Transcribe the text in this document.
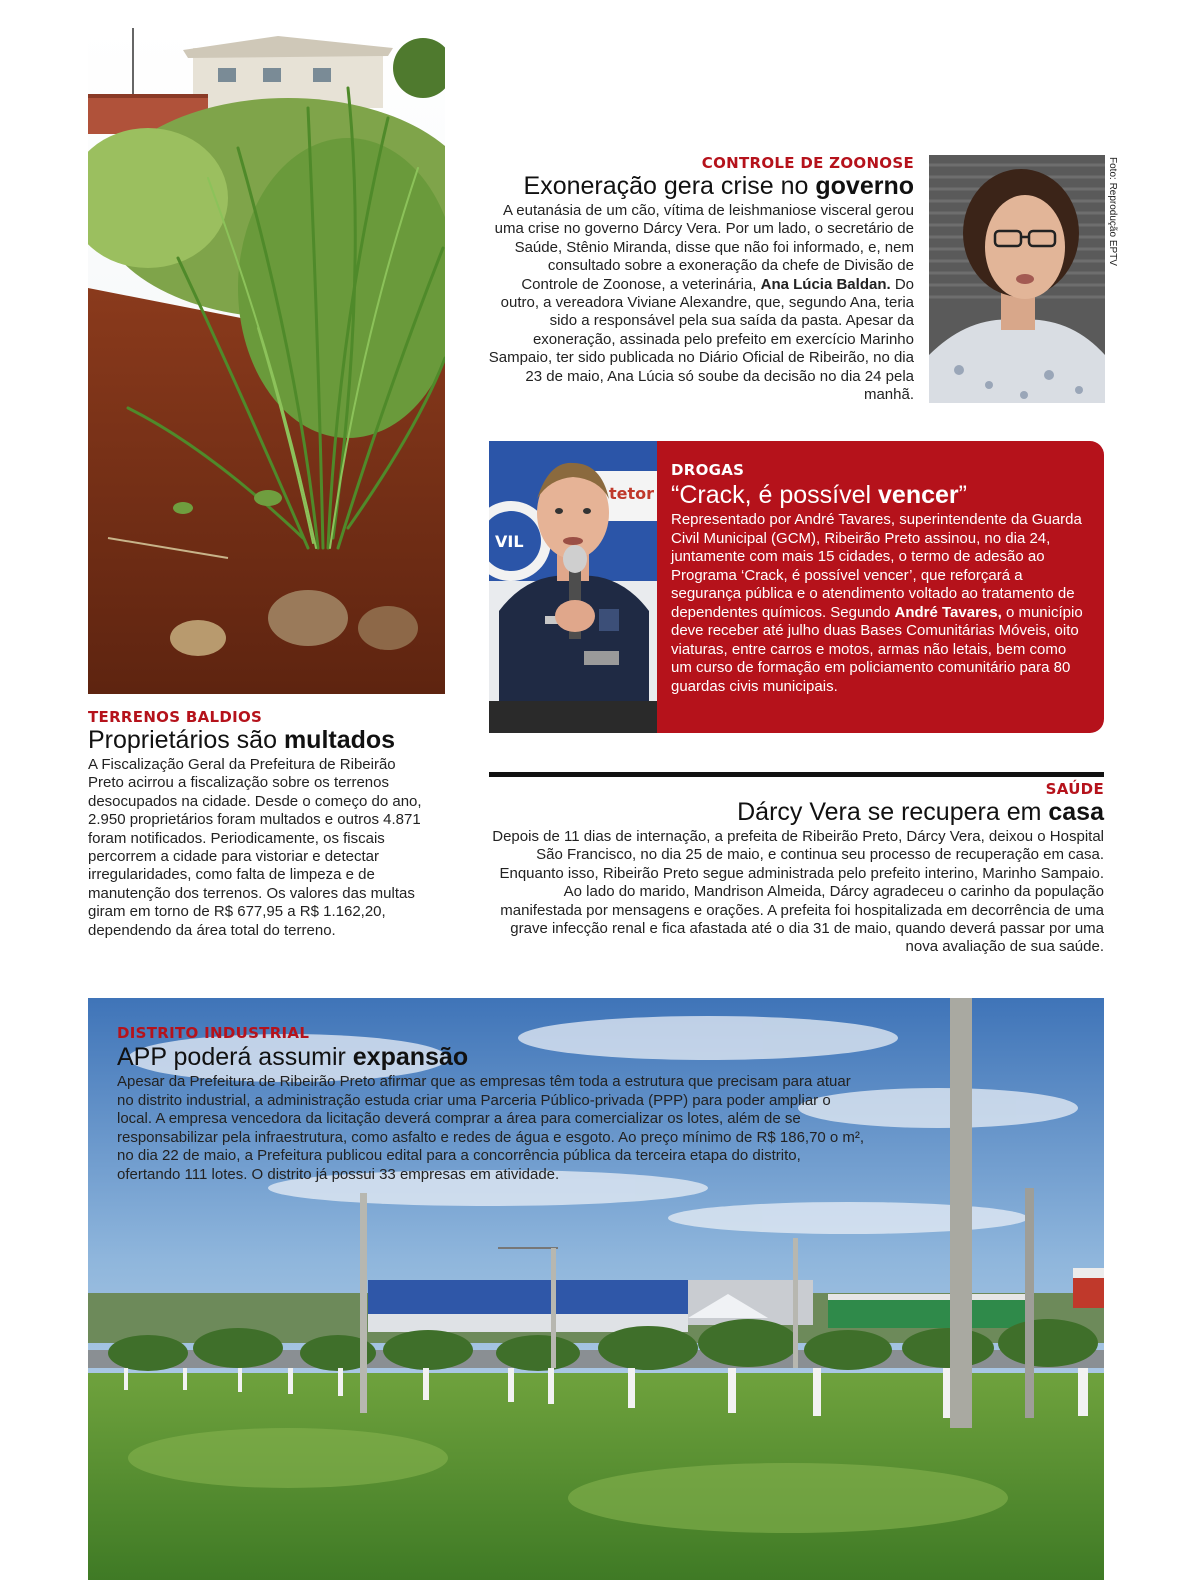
TERRENOS BALDIOS
Proprietários são multados
A Fiscalização Geral da Prefeitura de Ribeirão Preto acirrou a fiscalização sobre os terrenos desocupados na cidade. Desde o começo do ano, 2.950 proprietários foram multados e outros 4.871 foram notificados. Periodicamente, os fiscais percorrem a cidade para vistoriar e detectar irregularidades, como falta de limpeza e de manutenção dos terrenos. Os valores das multas giram em torno de R$ 677,95 a R$ 1.162,20, dependendo da área total do terreno.
CONTROLE DE ZOONOSE
Exoneração gera crise no governo
A eutanásia de um cão, vítima de leishmaniose visceral gerou uma crise no governo Dárcy Vera. Por um lado, o secretário de Saúde, Stênio Miranda, disse que não foi informado, e, nem consultado sobre a exoneração da chefe de Divisão de Controle de Zoonose, a veterinária, Ana Lúcia Baldan. Do outro, a vereadora Viviane Alexandre, que, segundo Ana, teria sido a responsável pela sua saída da pasta. Apesar da exoneração, assinada pelo prefeito em exercício Marinho Sampaio, ter sido publicada no Diário Oficial de Ribeirão, no dia 23 de maio, Ana Lúcia só soube da decisão no dia 24 pela manhã.
Foto: Reprodução EPTV
tetor
VIL
DROGAS
“Crack, é possível vencer”
Representado por André Tavares, superintendente da Guarda Civil Municipal (GCM), Ribeirão Preto assinou, no dia 24, juntamente com mais 15 cidades, o termo de adesão ao Programa ‘Crack, é possível vencer’, que reforçará a segurança pública e o atendimento voltado ao tratamento de dependentes químicos. Segundo André Tavares, o município deve receber até julho duas Bases Comunitárias Móveis, oito viaturas, entre carros e motos, armas não letais, bem como um curso de formação em policiamento comunitário para 80 guardas civis municipais.
SAÚDE
Dárcy Vera se recupera em casa
Depois de 11 dias de internação, a prefeita de Ribeirão Preto, Dárcy Vera, deixou o Hospital São Francisco, no dia 25 de maio, e continua seu processo de recuperação em casa. Enquanto isso, Ribeirão Preto segue administrada pelo prefeito interino, Marinho Sampaio. Ao lado do marido, Mandrison Almeida, Dárcy agradeceu o carinho da população manifestada por mensagens e orações. A prefeita foi hospitalizada em decorrência de uma grave infecção renal e fica afastada até o dia 31 de maio, quando deverá passar por uma nova avaliação de sua saúde.
DISTRITO INDUSTRIAL
APP poderá assumir expansão
Apesar da Prefeitura de Ribeirão Preto afirmar que as empresas têm toda a estrutura que precisam para atuar no distrito industrial, a administração estuda criar uma Parceria Público-privada (PPP) para poder ampliar o local. A empresa vencedora da licitação deverá comprar a área para comercializar os lotes, além de se responsabilizar pela infraestrutura, como asfalto e redes de água e esgoto. Ao preço mínimo de R$ 186,70 o m², no dia 22 de maio, a Prefeitura publicou edital para a concorrência pública da terceira etapa do distrito, ofertando 111 lotes. O distrito já possui 33 empresas em atividade.
